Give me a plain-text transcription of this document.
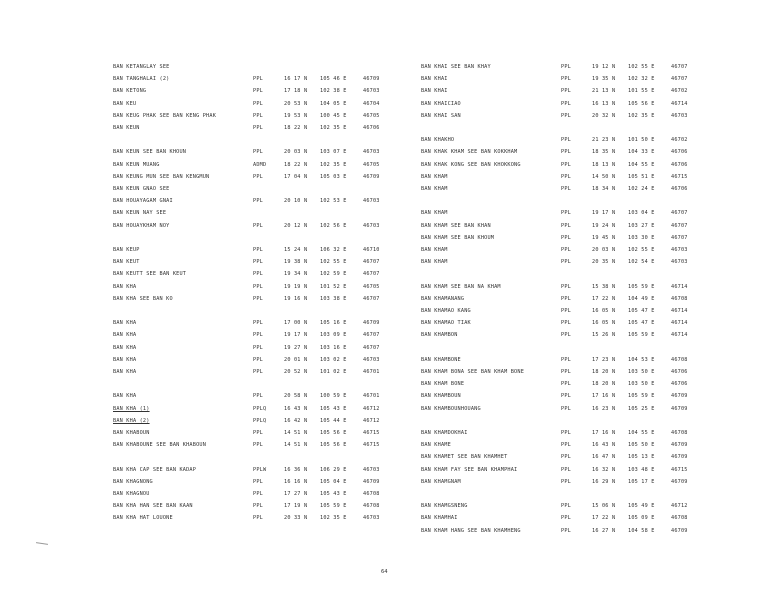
BAN KETANGLAY SEE
BAN TANGHALAI (2)	PPL	16 17 N 105 46 E	46709
BAN KETONG	PPL	17 18 N 102 38 E	46703
BAN KEU	PPL	20 53 N 104 05 E	46704
BAN KEUG PHAK SEE BAN KENG PHAK	PPL	19 53 N 100 45 E	46705
BAN KEUN	PPL	18 22 N 102 35 E	46706
BAN KEUN SEE BAN KHOUN	PPL	20 03 N 103 07 E	46703
BAN KEUN MUANG	ADMD	18 22 N 102 35 E	46705
BAN KEUNG MUN SEE BAN KENGMUN	PPL	17 04 N 105 03 E	46709
BAN KEUN GNAO SEE
BAN HOUAYAGAM GNAI	PPL	20 10 N 102 53 E	46703
BAN KEUN NAY SEE
BAN HOUAYKHAM NOY	PPL	20 12 N 102 56 E	46703
BAN KEUP	PPL	15 24 N 106 32 E	46710
BAN KEUT	PPL	19 38 N 102 55 E	46707
BAN KEUTT SEE BAN KEUT	PPL	19 34 N 102 59 E	46707
BAN KHA	PPL	19 19 N 101 52 E	46705
BAN KHA SEE BAN KO	PPL	19 16 N 103 38 E	46707
BAN KHA	PPL	17 00 N 105 16 E	46709
BAN KHA	PPL	19 17 N 103 09 E	46707
BAN KHA	PPL	19 27 N 103 16 E	46707
BAN KHA	PPL	20 01 N 103 02 E	46703
BAN KHA	PPL	20 52 N 101 02 E	46701
BAN KHA	PPL	20 58 N 100 59 E	46701
BAN KHA (1)	PPLQ	16 43 N 105 43 E	46712
BAN KHA (2)	PPLQ	16 42 N 105 44 E	46712
BAN KHABOUN	PPL	14 51 N 105 56 E	46715
BAN KHABOUNE SEE BAN KHABOUN	PPL	14 51 N 105 56 E	46715
BAN KHA CAP SEE BAN KADAP	PPLW	16 36 N 106 29 E	46703
BAN KHAGNONG	PPL	16 16 N 105 04 E	46709
BAN KHAGNOU	PPL	17 27 N 105 43 E	46708
BAN KHA HAN SEE BAN KAAN	PPL	17 19 N 105 59 E	46708
BAN KHA HAT LOUONE	PPL	20 33 N 102 35 E	46703
BAN KHAI SEE BAN KHAY	PPL	19 12 N 102 55 E	46707
BAN KHAI	PPL	19 35 N 102 32 E	46707
BAN KHAI	PPL	21 13 N 101 55 E	46702
BAN KHAICIAO	PPL	16 13 N 105 56 E	46714
BAN KHAI SAN	PPL	20 32 N 102 35 E	46703
BAN KHAKHO	PPL	21 23 N 101 50 E	46702
BAN KHAK KHAM SEE BAN KOKKHAM	PPL	18 35 N 104 33 E	46706
BAN KHAK KONG SEE BAN KHOKKONG	PPL	18 13 N 104 55 E	46706
BAN KHAM	PPL	14 50 N 105 51 E	46715
BAN KHAM	PPL	18 34 N 102 24 E	46706
BAN KHAM	PPL	19 17 N 103 04 E	46707
BAN KHAM SEE BAN KHAN	PPL	19 24 N 103 27 E	46707
BAN KHAM SEE BAN KHOUM	PPL	19 45 N 103 30 E	46707
BAN KHAM	PPL	20 03 N 102 55 E	46703
BAN KHAM	PPL	20 35 N 102 54 E	46703
BAN KHAM SEE BAN NA KHAM	PPL	15 38 N 105 59 E	46714
BAN KHAMANANG	PPL	17 22 N 104 49 E	46708
BAN KHAMAO KANG	PPL	16 05 N 105 47 E	46714
BAN KHAMAO TIAK	PPL	16 05 N 105 47 E	46714
BAN KHAMBON	PPL	15 26 N 105 59 E	46714
BAN KHAMBONE	PPL	17 23 N 104 53 E	46708
BAN KHAM BONA SEE BAN KHAM BONE	PPL	18 20 N 103 50 E	46706
BAN KHAM BONE	PPL	18 20 N 103 50 E	46706
BAN KHAMBOUN	PPL	17 16 N 105 59 E	46709
BAN KHAMBOUNHOUANG	PPL	16 23 N 105 25 E	46709
BAN KHAMDOKHAI	PPL	17 16 N 104 55 E	46708
BAN KHAME	PPL	16 43 N 105 50 E	46709
BAN KHAMET SEE BAN KHAMHET	PPL	16 47 N 105 13 E	46709
BAN KHAM FAY SEE BAN KHAMPHAI	PPL	16 32 N 103 48 E	46715
BAN KHAMGNAM	PPL	16 29 N 105 17 E	46709
BAN KHAMGSNENG	PPL	15 06 N 105 49 E	46712
BAN KHAMHAI	PPL	17 22 N 105 09 E	46708
BAN KHAM HANG SEE BAN KHAMHENG	PPL	16 27 N 104 58 E	46709
64
